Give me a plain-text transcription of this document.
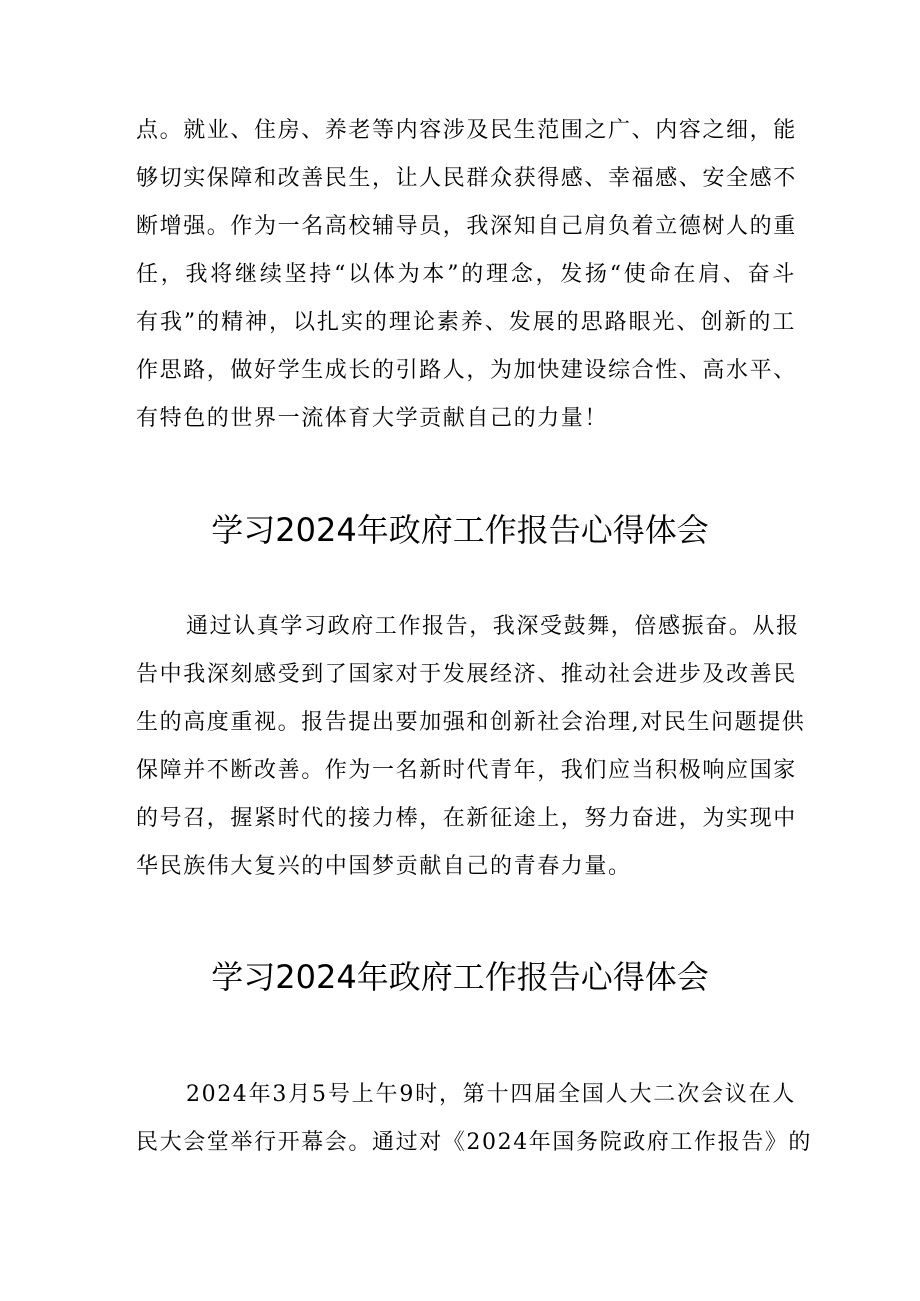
点。就业、住房、养老等内容涉及民生范围之广、内容之细，能
够切实保障和改善民生，让人民群众获得感、幸福感、安全感不
断增强。作为一名高校辅导员，我深知自己肩负着立德树人的重
任，我将继续坚持“以体为本”的理念，发扬“使命在肩、奋斗
有我”的精神，以扎实的理论素养、发展的思路眼光、创新的工
作思路，做好学生成长的引路人，为加快建设综合性、高水平、
有特色的世界一流体育大学贡献自己的力量！
学习2024年政府工作报告心得体会
通过认真学习政府工作报告，我深受鼓舞，倍感振奋。从报
告中我深刻感受到了国家对于发展经济、推动社会进步及改善民
生的高度重视。报告提出要加强和创新社会治理,对民生问题提供
保障并不断改善。作为一名新时代青年，我们应当积极响应国家
的号召，握紧时代的接力棒，在新征途上，努力奋进，为实现中
华民族伟大复兴的中国梦贡献自己的青春力量。
学习2024年政府工作报告心得体会
2024年3月5号上午9时，第十四届全国人大二次会议在人
民大会堂举行开幕会。通过对《2024年国务院政府工作报告》的
